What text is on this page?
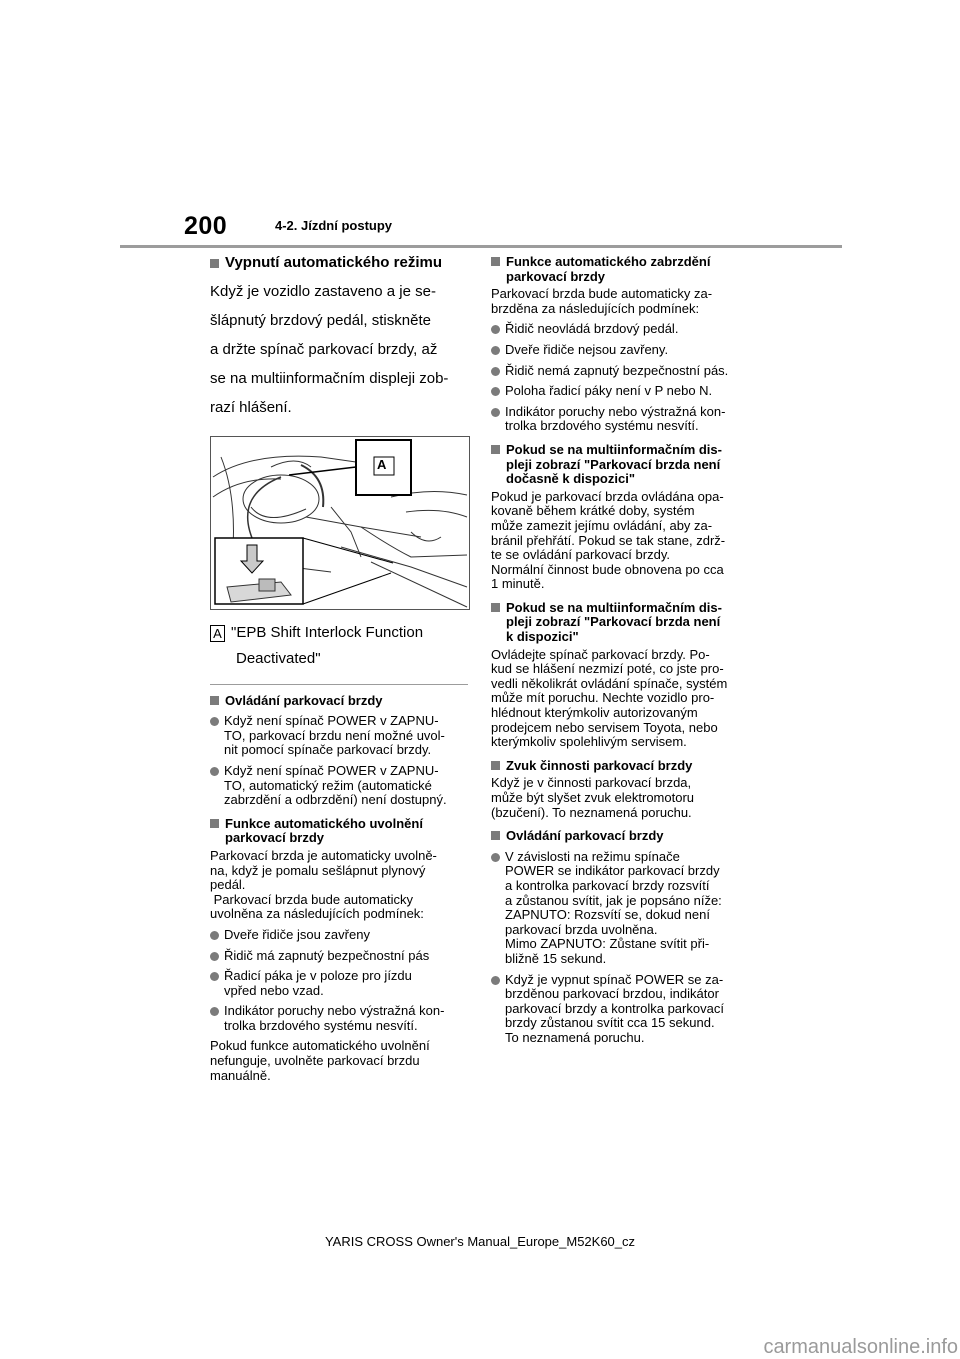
200	4-2. Jízdní postupy
Vypnutí automatického režimu
Když je vozidlo zastaveno a je se-
šlápnutý brzdový pedál, stiskněte
a držte spínač parkovací brzdy, až
se na multiinformačním displeji zob-
razí hlášení.
A
A "EPB Shift Interlock Function
Deactivated"
Ovládání parkovací brzdy
Když není spínač POWER v ZAPNU-
TO, parkovací brzdu není možné uvol-
nit pomocí spínače parkovací brzdy.
Když není spínač POWER v ZAPNU-
TO, automatický režim (automatické
zabrzdění a odbrzdění) není dostupný.
Funkce automatického uvolnění
parkovací brzdy
Parkovací brzda je automaticky uvolně-
na, když je pomalu sešlápnut plynový
pedál.
Parkovací brzda bude automaticky
uvolněna za následujících podmínek:
Dveře řidiče jsou zavřeny
Řidič má zapnutý bezpečnostní pás
Řadicí páka je v poloze pro jízdu
vpřed nebo vzad.
Indikátor poruchy nebo výstražná kon-
trolka brzdového systému nesvítí.
Pokud funkce automatického uvolnění
nefunguje, uvolněte parkovací brzdu
manuálně.
Funkce automatického zabrzdění
parkovací brzdy
Parkovací brzda bude automaticky za-
brzděna za následujících podmínek:
Řidič neovládá brzdový pedál.
Dveře řidiče nejsou zavřeny.
Řidič nemá zapnutý bezpečnostní pás.
Poloha řadicí páky není v P nebo N.
Indikátor poruchy nebo výstražná kon-
trolka brzdového systému nesvítí.
Pokud se na multiinformačním dis-
pleji zobrazí "Parkovací brzda není
dočasně k dispozici"
Pokud je parkovací brzda ovládána opa-
kovaně během krátké doby, systém
může zamezit jejímu ovládání, aby za-
bránil přehřátí. Pokud se tak stane, zdrž-
te se ovládání parkovací brzdy.
Normální činnost bude obnovena po cca
1 minutě.
Pokud se na multiinformačním dis-
pleji zobrazí "Parkovací brzda není
k dispozici"
Ovládejte spínač parkovací brzdy. Po-
kud se hlášení nezmizí poté, co jste pro-
vedli několikrát ovládání spínače, systém
může mít poruchu. Nechte vozidlo pro-
hlédnout kterýmkoliv autorizovaným
prodejcem nebo servisem Toyota, nebo
kterýmkoliv spolehlivým servisem.
Zvuk činnosti parkovací brzdy
Když je v činnosti parkovací brzda,
může být slyšet zvuk elektromotoru
(bzučení). To neznamená poruchu.
Ovládání parkovací brzdy
V závislosti na režimu spínače
POWER se indikátor parkovací brzdy
a kontrolka parkovací brzdy rozsvítí
a zůstanou svítit, jak je popsáno níže:
ZAPNUTO: Rozsvítí se, dokud není
parkovací brzda uvolněna.
Mimo ZAPNUTO: Zůstane svítit při-
bližně 15 sekund.
Když je vypnut spínač POWER se za-
brzděnou parkovací brzdou, indikátor
parkovací brzdy a kontrolka parkovací
brzdy zůstanou svítit cca 15 sekund.
To neznamená poruchu.
YARIS CROSS Owner's Manual_Europe_M52K60_cz
carmanualsonline.info
